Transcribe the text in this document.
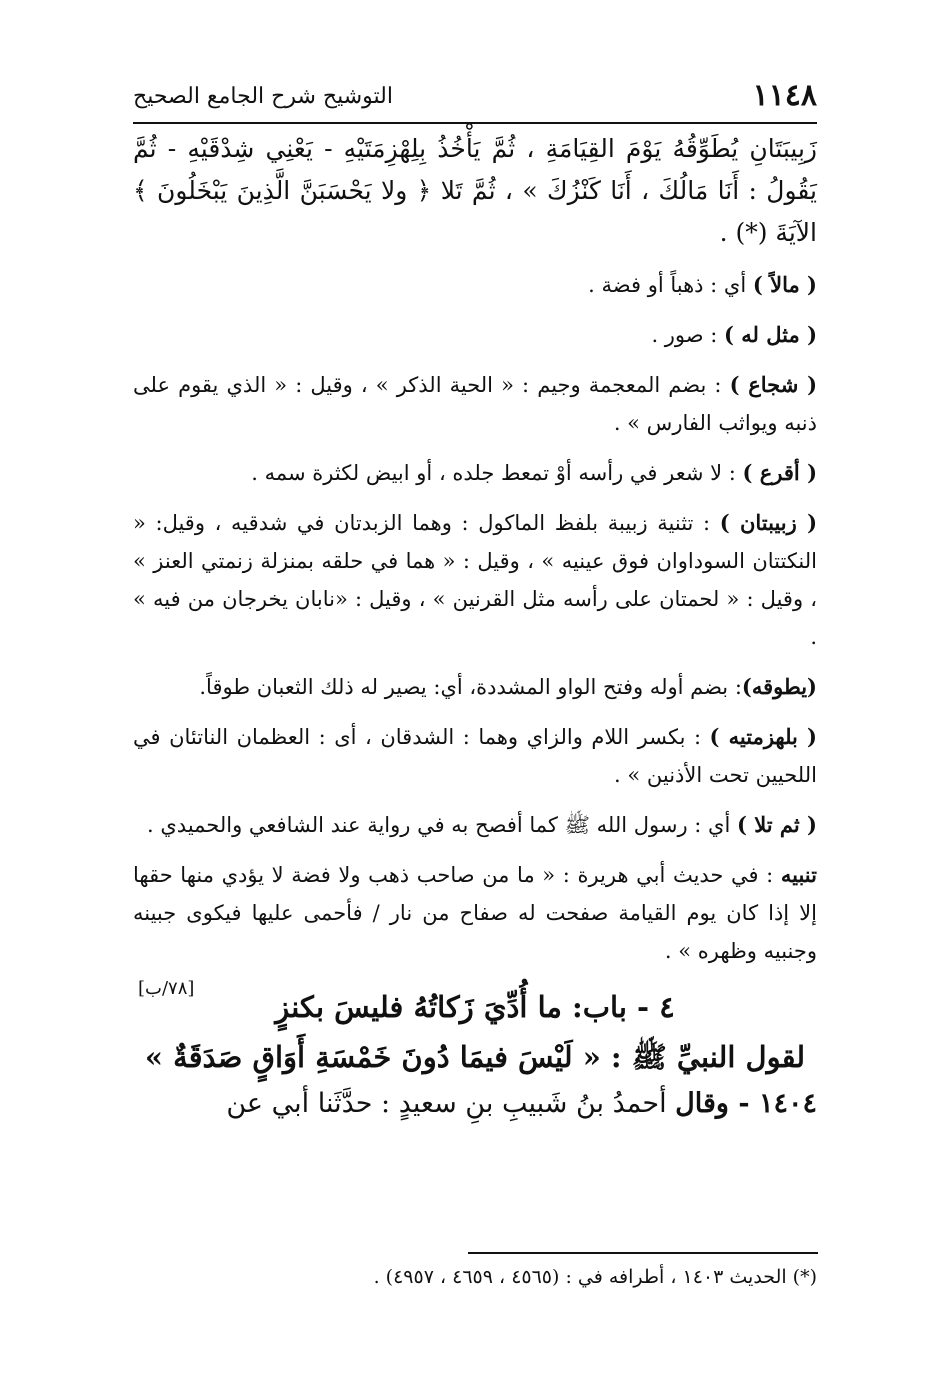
١١٤٨
التوشيح شرح الجامع الصحيح

زَبِيبَتَانِ يُطَوِّقُهُ يَوْمَ القِيَامَةِ ، ثُمَّ يَأْخُذُ بِلِهْزِمَتَيْهِ - يَعْنِي شِدْقَيْهِ - ثُمَّ يَقُولُ : أَنَا مَالُكَ ، أَنَا كَنْزُكَ » ، ثُمَّ تَلا ﴿ ولا يَحْسَبَنَّ الَّذِينَ يَبْخَلُونَ ﴾ الآيَةَ (*) .

( مالاً ) أي : ذهباً أو فضة .

( مثل له ) : صور .

( شجاع ) : بضم المعجمة وجيم : « الحية الذكر » ، وقيل : « الذي يقوم على ذنبه ويواثب الفارس » .

( أقرع ) : لا شعر في رأسه أوْ تمعط جلده ، أو ابيض لكثرة سمه .

( زبيبتان ) : تثنية زبيبة بلفظ الماكول : وهما الزبدتان في شدقيه ، وقيل: « النكتتان السوداوان فوق عينيه » ، وقيل : « هما في حلقه بمنزلة زنمتي العنز » ، وقيل : « لحمتان على رأسه مثل القرنين » ، وقيل : «نابان يخرجان من فيه » .

(يطوقه): بضم أوله وفتح الواو المشددة، أي: يصير له ذلك الثعبان طوقاً.

( بلهزمتيه ) : بكسر اللام والزاي وهما : الشدقان ، أى : العظمان الناتئان في اللحيين تحت الأذنين » .

( ثم تلا ) أي : رسول الله ﷺ كما أفصح به في رواية عند الشافعي والحميدي .

تنبيه : في حديث أبي هريرة : « ما من صاحب ذهب ولا فضة لا يؤدي منها حقها إلا إذا كان يوم القيامة صفحت له صفاح من نار / فأحمى عليها فيكوى جبينه وجنبيه وظهره » .

٤ - باب: ما أُدِّيَ زَكاتُهُ فليسَ بكنزٍ
لقول النبيِّ ﷺ : « لَيْسَ فيمَا دُونَ خَمْسَةِ أَوَاقٍ صَدَقَةٌ »

١٤٠٤ - وقال أحمدُ بنُ شَبيبِ بنِ سعيدٍ : حدَّثَنا أبي عن

[٧٨/ب]
(*) الحديث ١٤٠٣ ، أطرافه في : (٤٥٦٥ ، ٤٦٥٩ ، ٤٩٥٧) .
